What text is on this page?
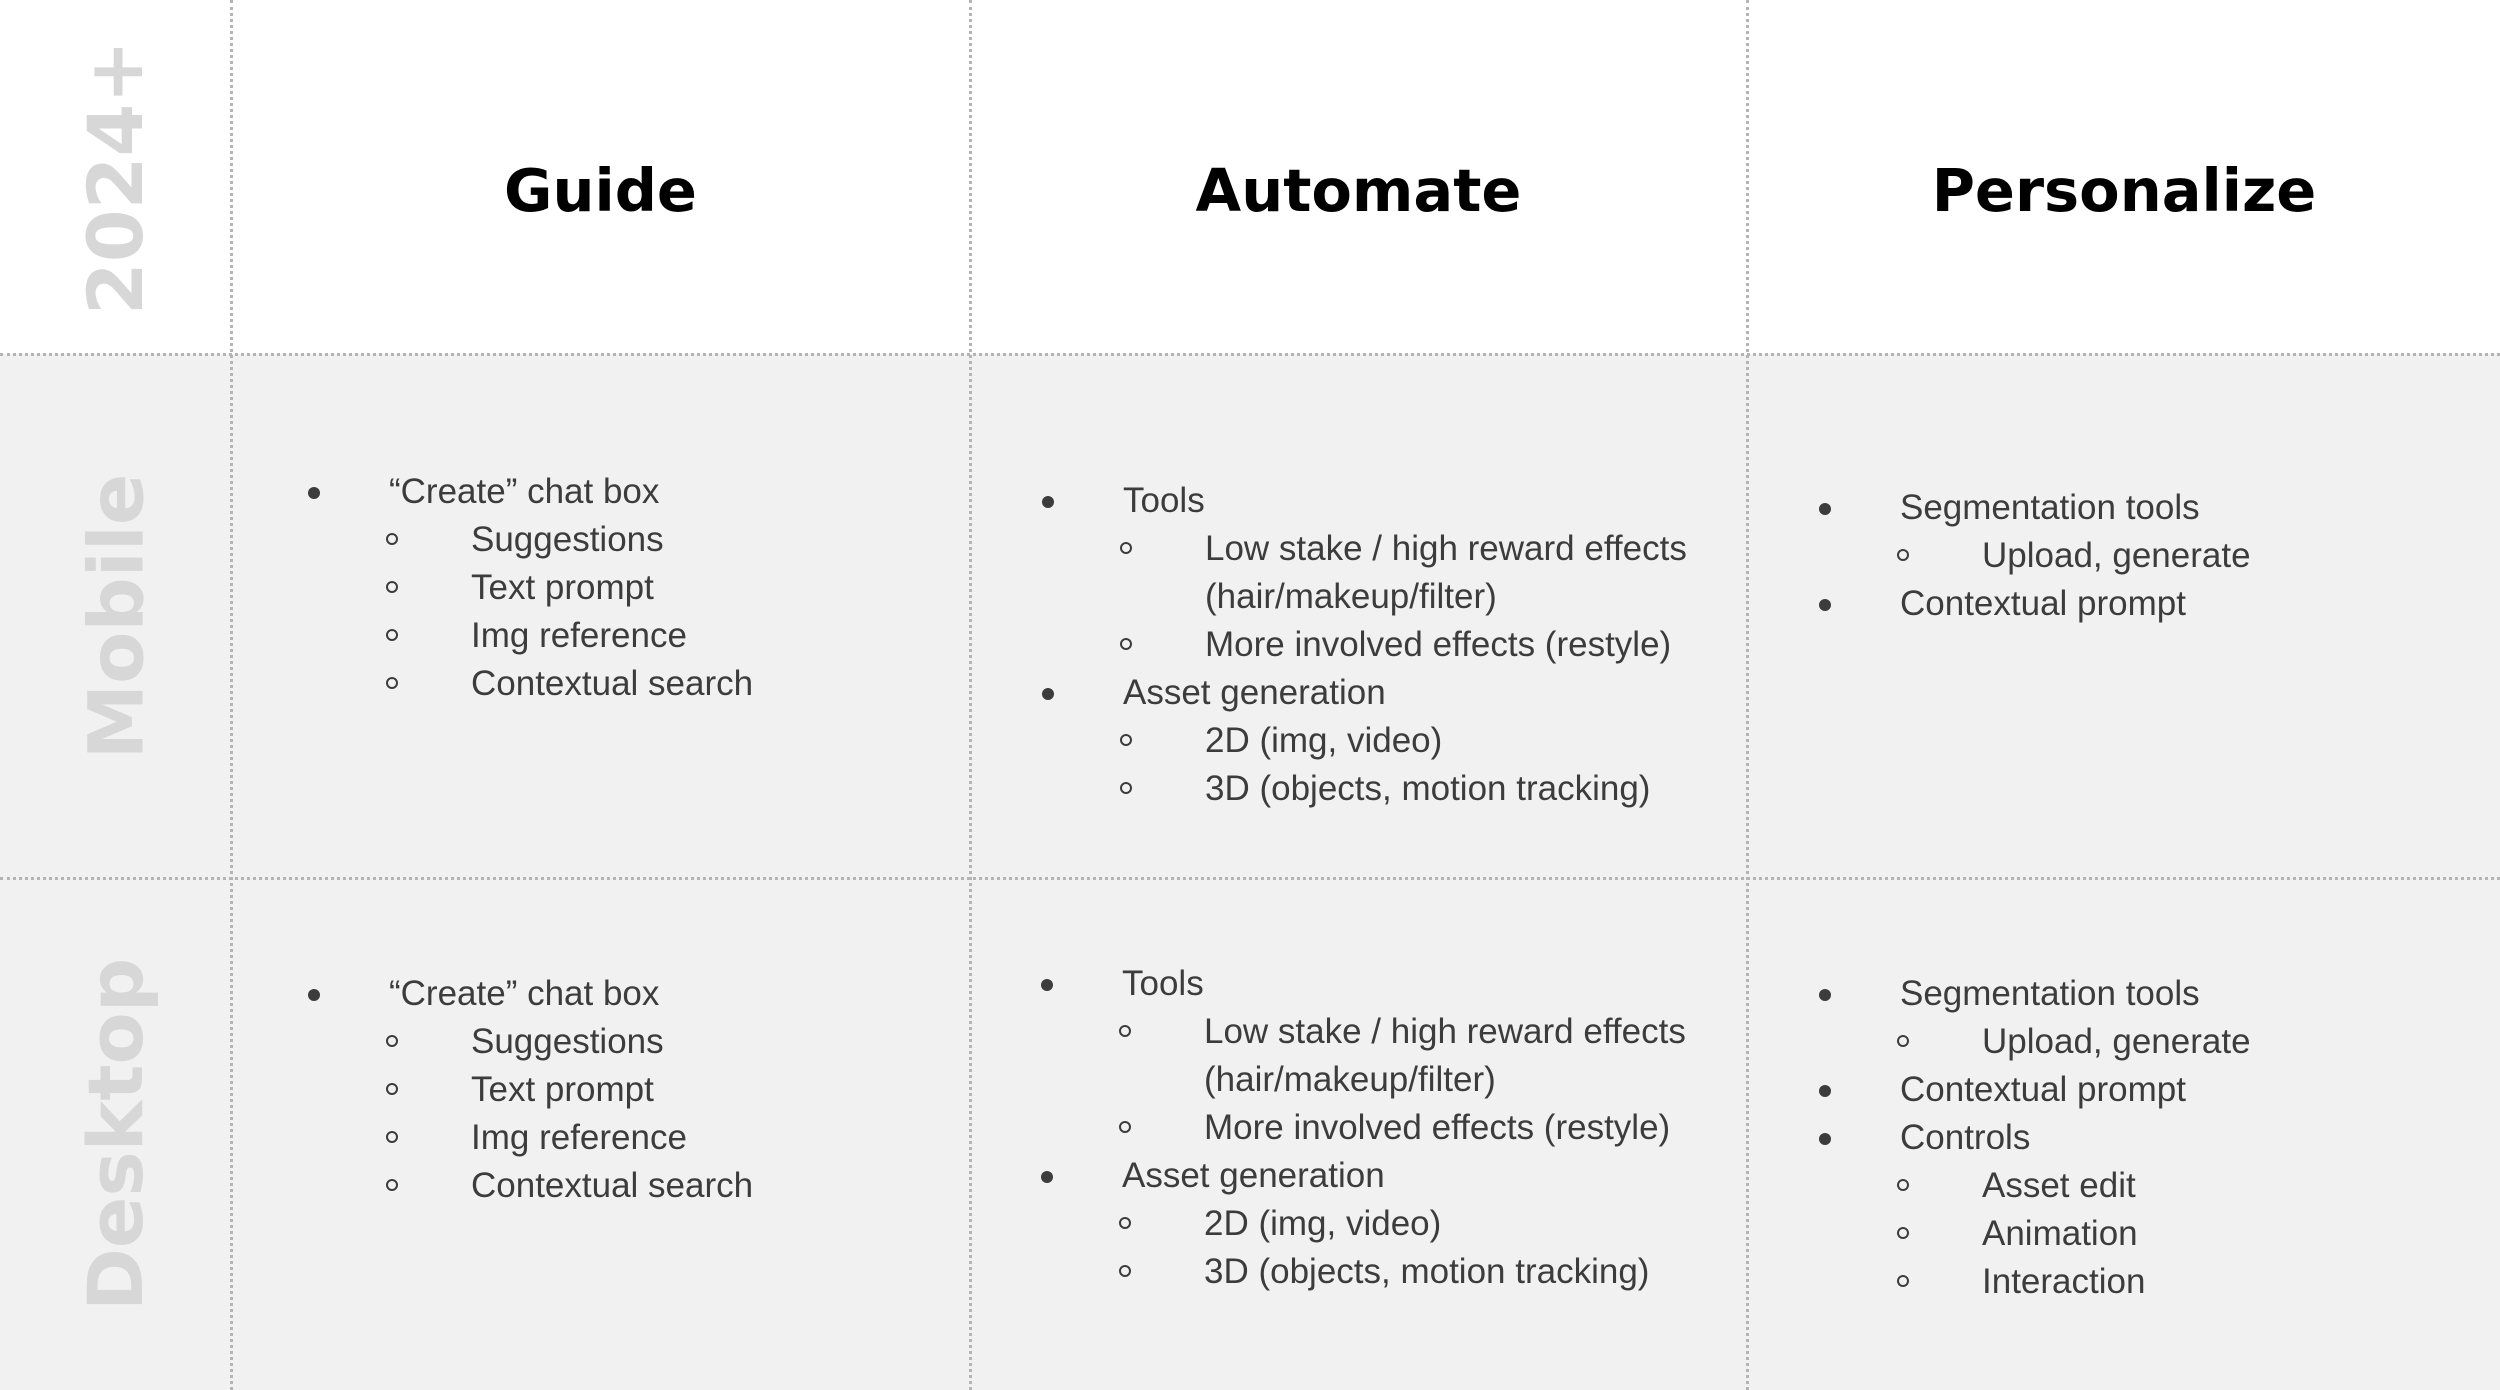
2024+
Mobile
Desktop
Guide	Automate	Personalize
“Create” chat box
Suggestions
Text prompt
Img reference
Contextual search
Tools
Low stake / high reward effects (hair/makeup/filter)
More involved effects (restyle)
Asset generation
2D (img, video)
3D (objects, motion tracking)
Segmentation tools
Upload, generate
Contextual prompt
“Create” chat box
Suggestions
Text prompt
Img reference
Contextual search
Tools
Low stake / high reward effects (hair/makeup/filter)
More involved effects (restyle)
Asset generation
2D (img, video)
3D (objects, motion tracking)
Segmentation tools
Upload, generate
Contextual prompt
Controls
Asset edit
Animation
Interaction
